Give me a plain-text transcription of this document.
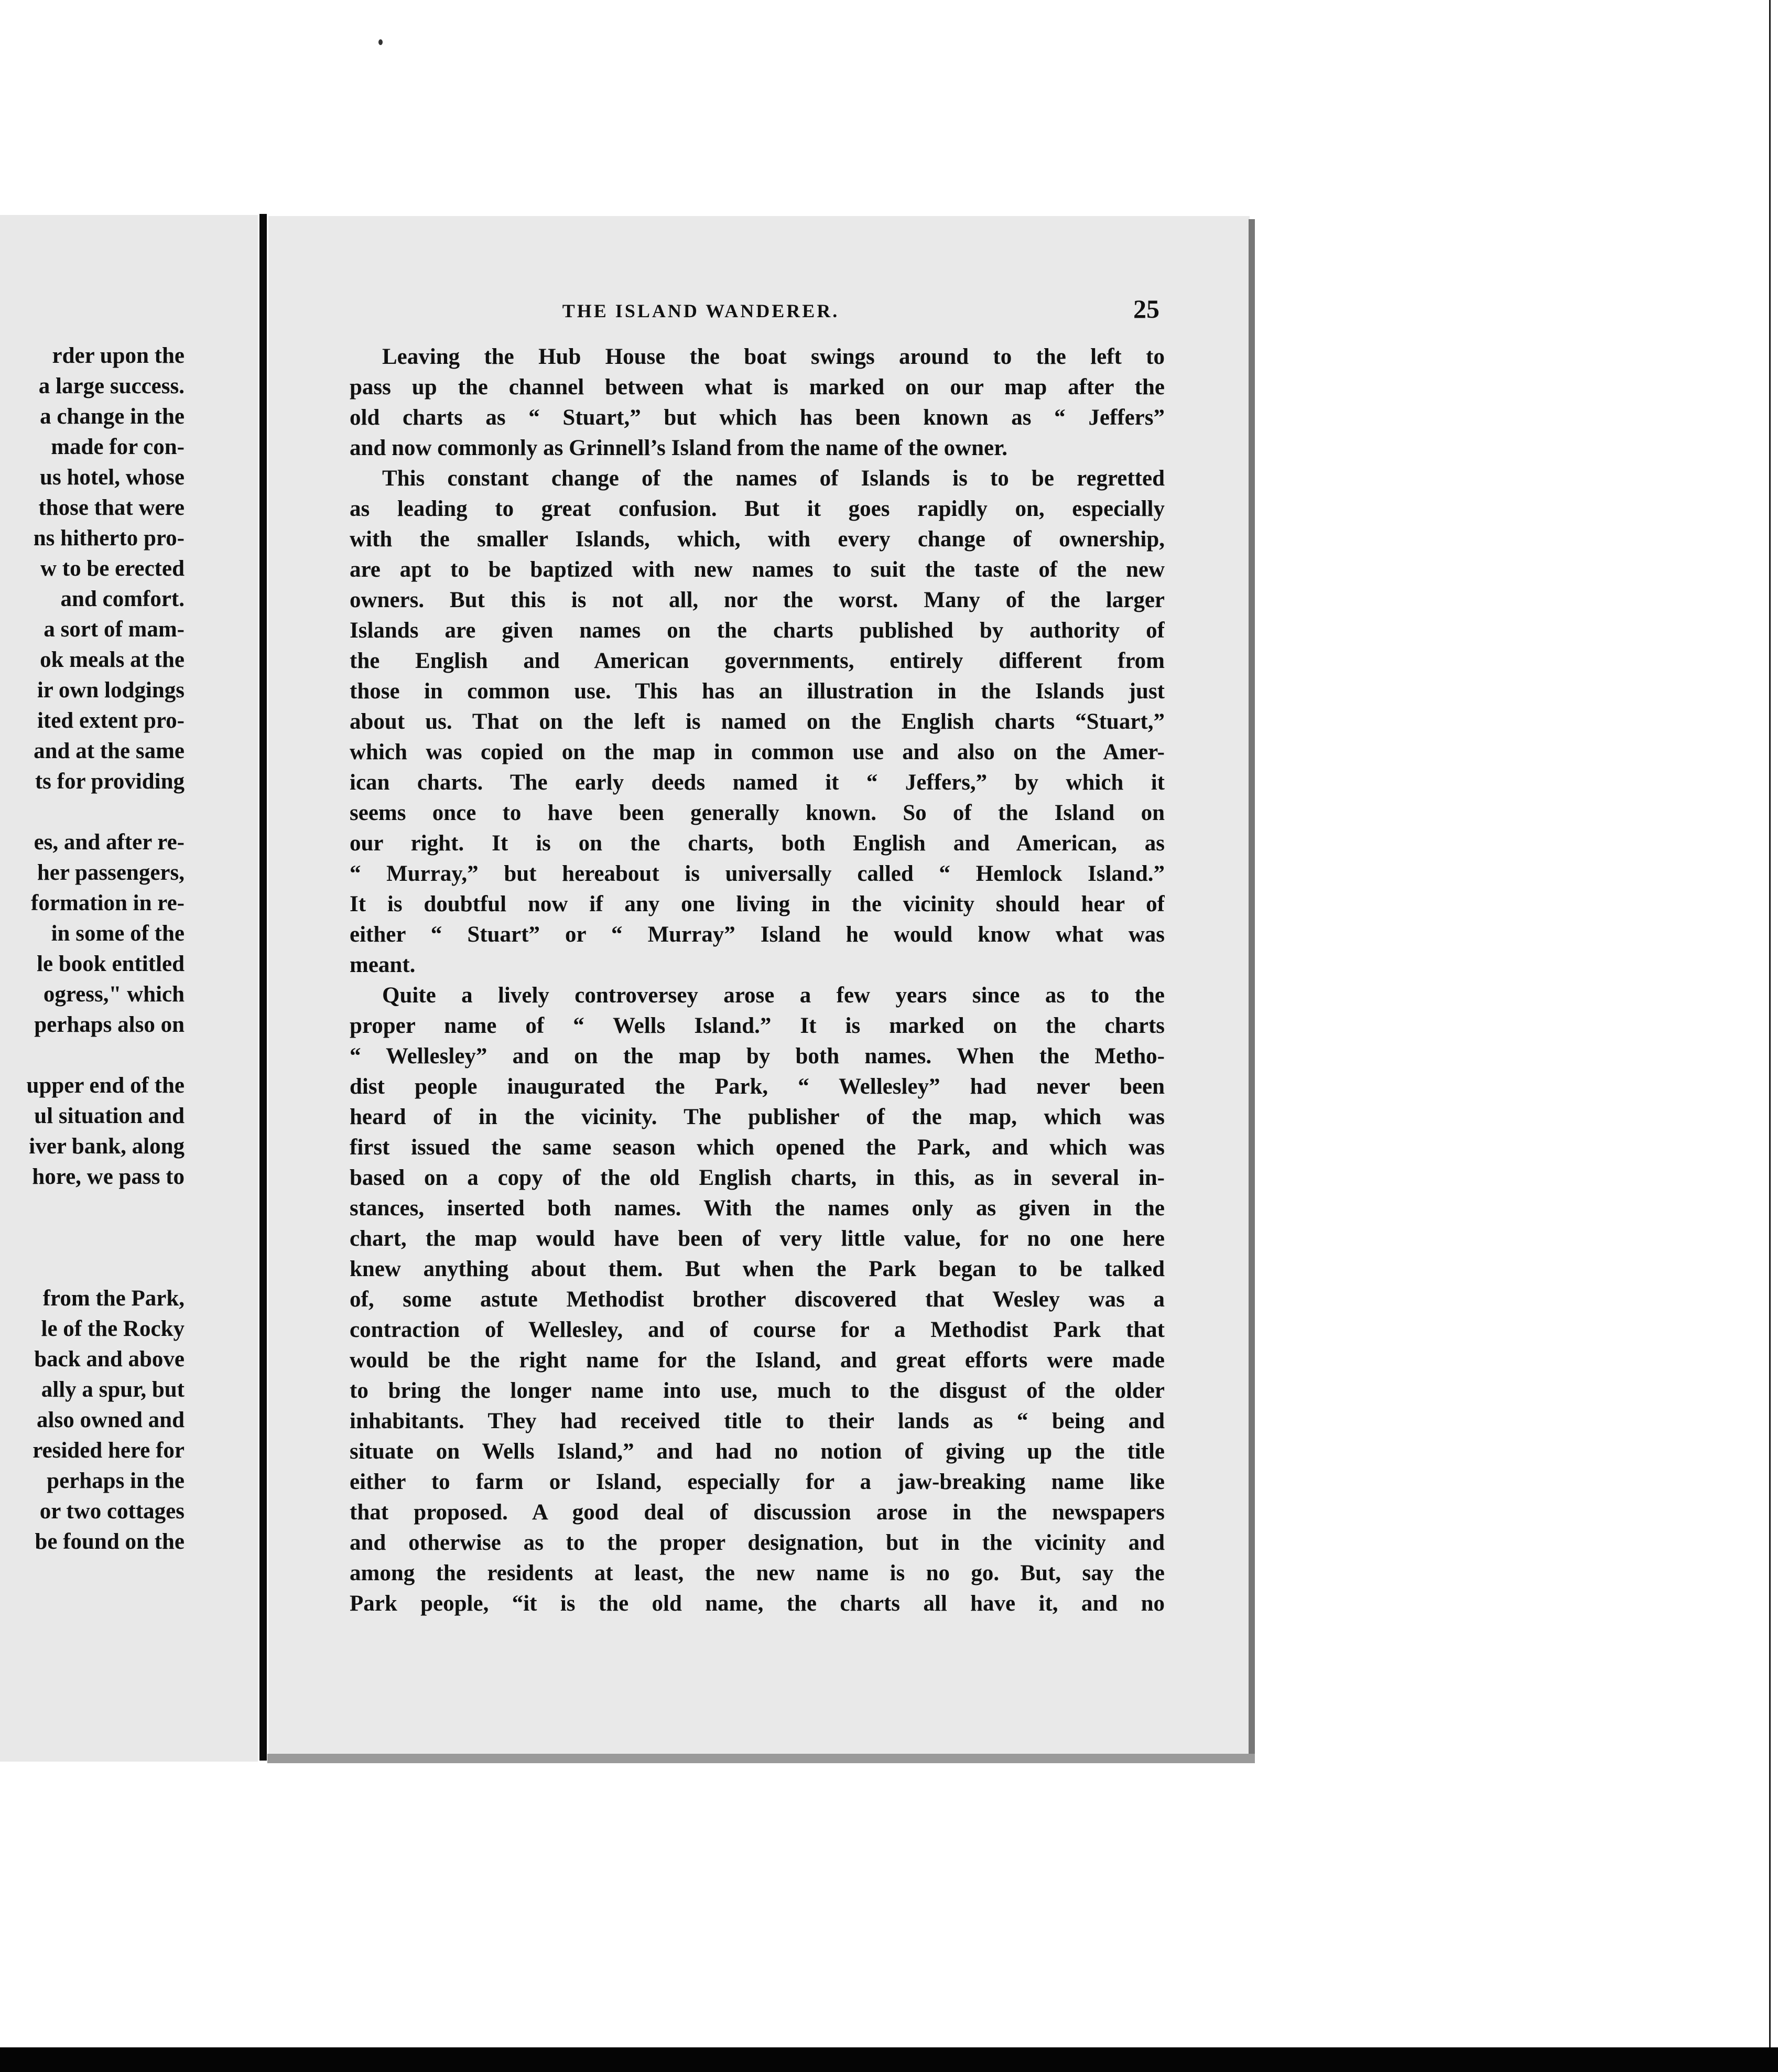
rder upon the
a large success.
a change in the
made for con-
us hotel, whose
those that were
ns hitherto pro-
w to be erected
and comfort.
a sort of mam-
ok meals at the
ir own lodgings
ited extent pro-
and at the same
ts for providing

es, and after re-
her passengers,
formation in re-
in some of the
le book entitled
ogress," which
perhaps also on

upper end of the
ul situation and
iver bank, along
hore, we pass to

from the Park,
le of the Rocky
back and above
ally a spur, but
also owned and
resided here for
perhaps in the
or two cottages
be found on the
THE ISLAND WANDERER.	25
Leaving the Hub House the boat swings around to the left to
pass up the channel between what is marked on our map after the
old charts as “ Stuart,” but which has been known as “ Jeffers”
and now commonly as Grinnell’s Island from the name of the owner.
This constant change of the names of Islands is to be regretted
as leading to great confusion. But it goes rapidly on, especially
with the smaller Islands, which, with every change of ownership,
are apt to be baptized with new names to suit the taste of the new
owners. But this is not all, nor the worst. Many of the larger
Islands are given names on the charts published by authority of
the English and American governments, entirely different from
those in common use. This has an illustration in the Islands just
about us. That on the left is named on the English charts “Stuart,”
which was copied on the map in common use and also on the Amer-
ican charts. The early deeds named it “ Jeffers,” by which it
seems once to have been generally known. So of the Island on
our right. It is on the charts, both English and American, as
“ Murray,” but hereabout is universally called “ Hemlock Island.”
It is doubtful now if any one living in the vicinity should hear of
either “ Stuart” or “ Murray” Island he would know what was
meant.
Quite a lively controversey arose a few years since as to the
proper name of “ Wells Island.” It is marked on the charts
“ Wellesley” and on the map by both names. When the Metho-
dist people inaugurated the Park, “ Wellesley” had never been
heard of in the vicinity. The publisher of the map, which was
first issued the same season which opened the Park, and which was
based on a copy of the old English charts, in this, as in several in-
stances, inserted both names. With the names only as given in the
chart, the map would have been of very little value, for no one here
knew anything about them. But when the Park began to be talked
of, some astute Methodist brother discovered that Wesley was a
contraction of Wellesley, and of course for a Methodist Park that
would be the right name for the Island, and great efforts were made
to bring the longer name into use, much to the disgust of the older
inhabitants. They had received title to their lands as “ being and
situate on Wells Island,” and had no notion of giving up the title
either to farm or Island, especially for a jaw-breaking name like
that proposed. A good deal of discussion arose in the newspapers
and otherwise as to the proper designation, but in the vicinity and
among the residents at least, the new name is no go. But, say the
Park people, “it is the old name, the charts all have it, and no
